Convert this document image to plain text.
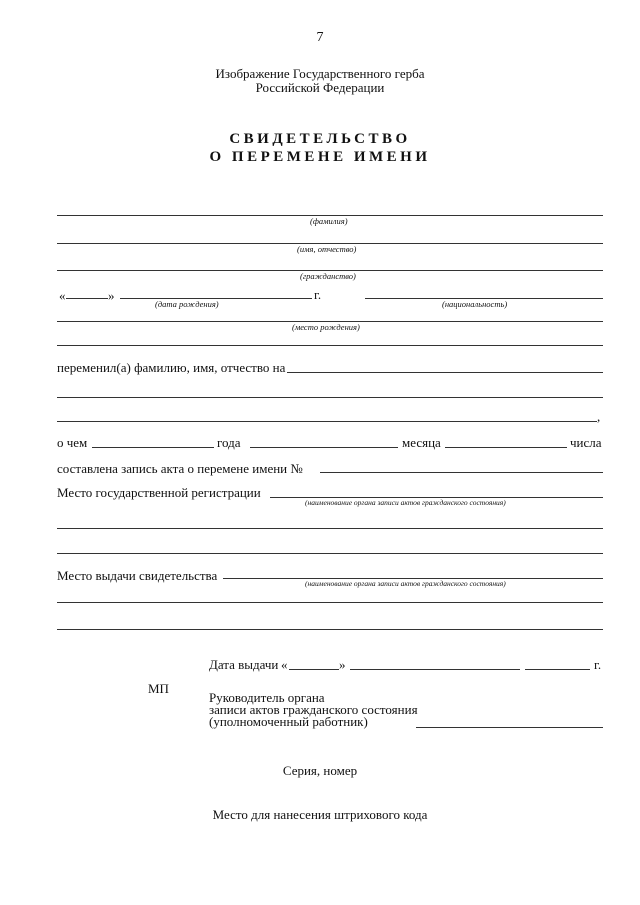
7
Изображение Государственного герба
Российской Федерации
СВИДЕТЕЛЬСТВО
О ПЕРЕМЕНЕ ИМЕНИ
(фамилия)
(имя, отчество)
(гражданство)
«	»
(дата рождения)
г.
(национальность)
(место рождения)
переменил(а) фамилию, имя, отчество на
,
о чем	года	месяца	числа
составлена запись акта о перемене имени №
Место государственной регистрации
(наименование органа записи актов гражданского состояния)
Место выдачи свидетельства
(наименование органа записи актов гражданского состояния)
Дата выдачи «	»	г.
МП
Руководитель органа
записи актов гражданского состояния
(уполномоченный работник)
Серия, номер
Место для нанесения штрихового кода
